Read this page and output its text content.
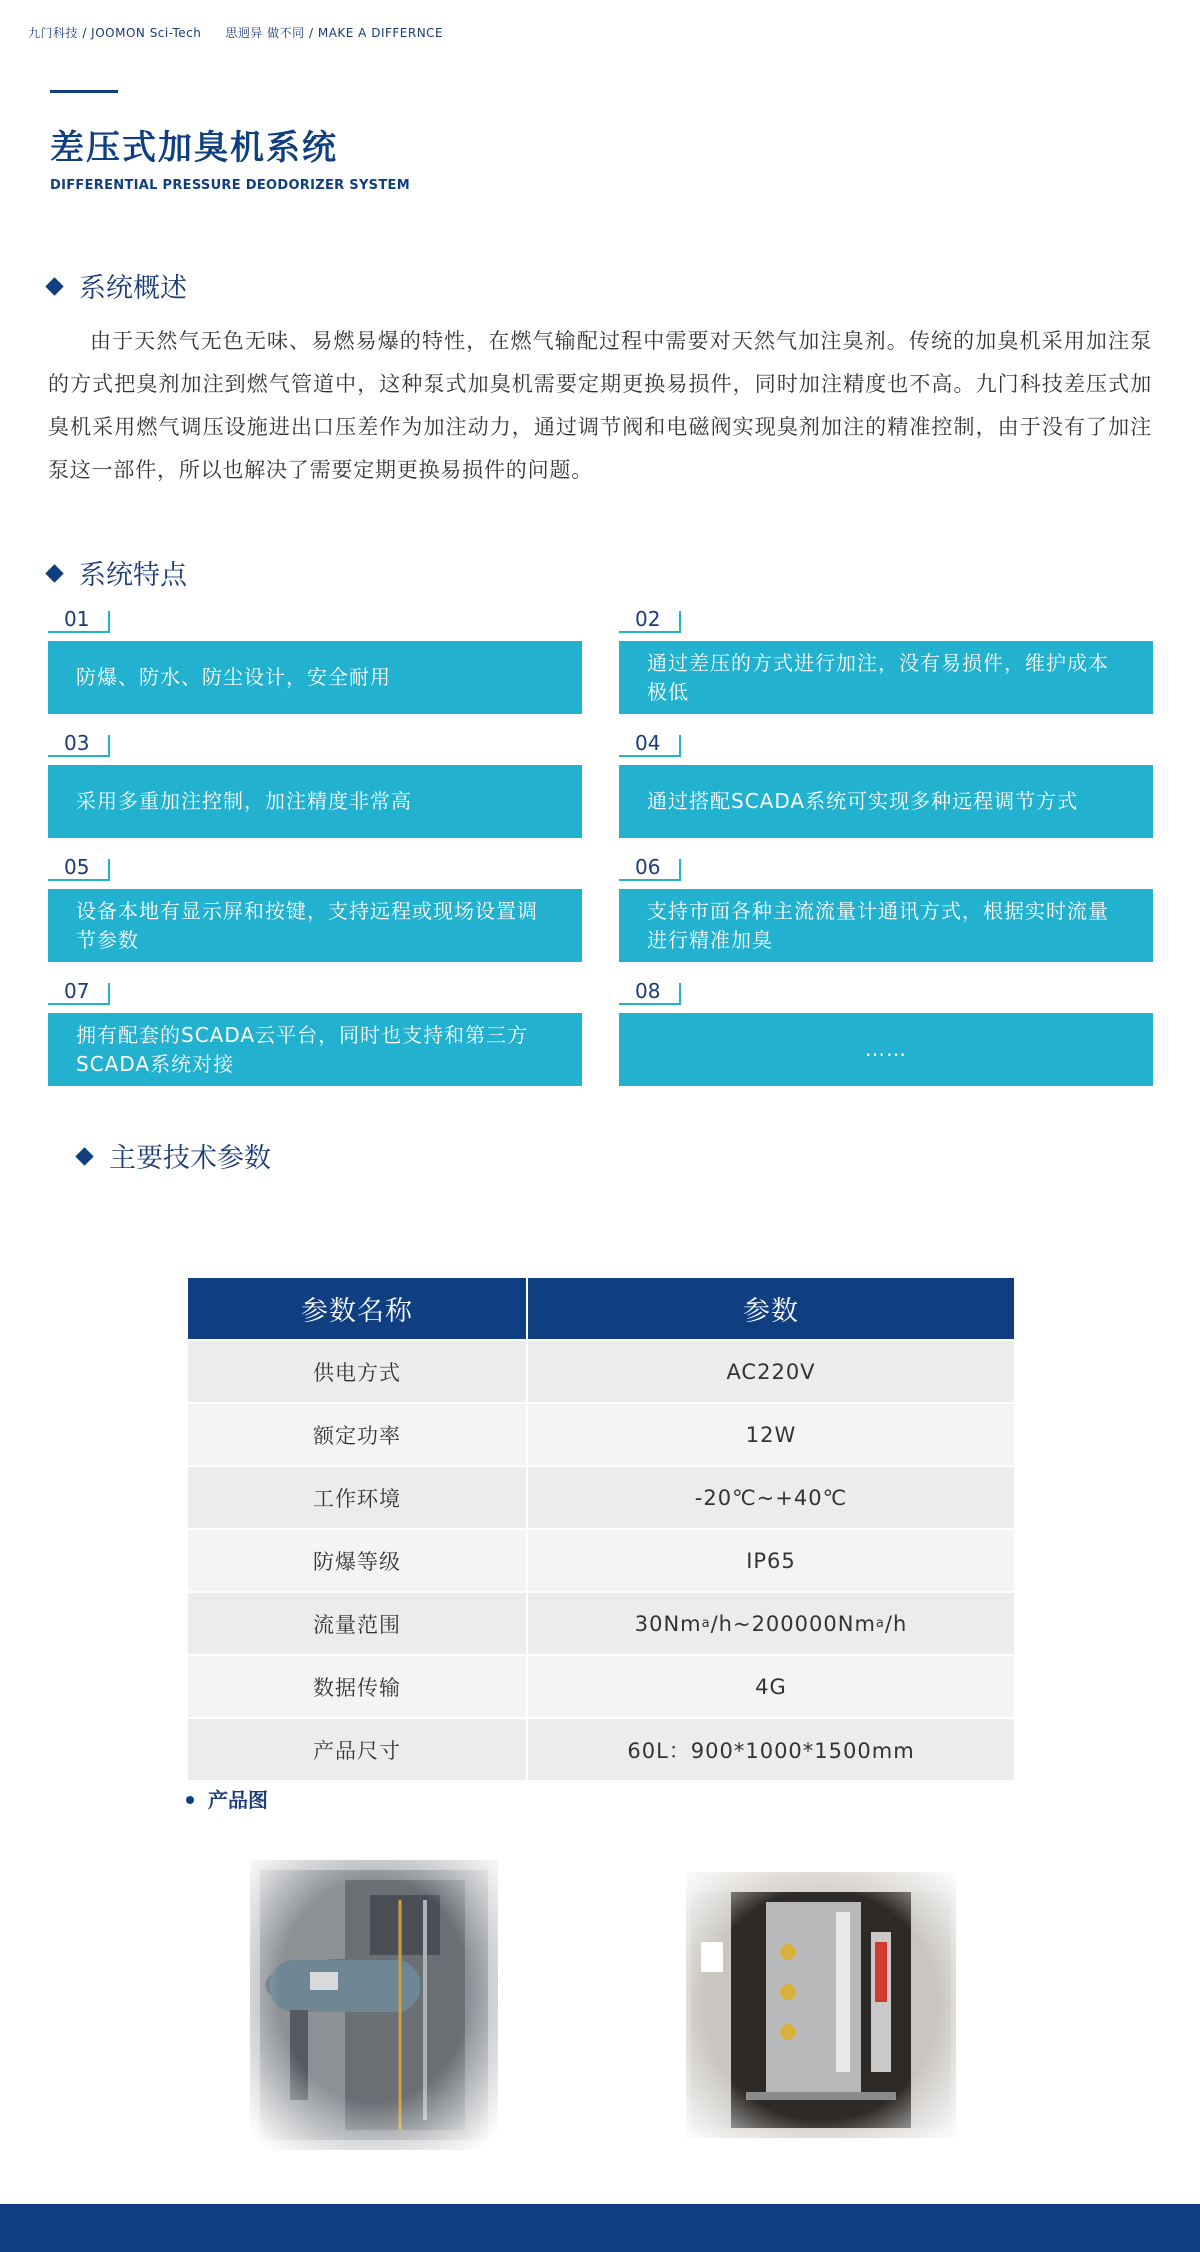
九门科技 / JOOMON Sci-Tech 思迥异 做不同 / MAKE A DIFFERNCE
差压式加臭机系统
DIFFERENTIAL PRESSURE DEODORIZER SYSTEM
系统概述
由于天然气无色无味、易燃易爆的特性，在燃气输配过程中需要对天然气加注臭剂。传统的加臭机采用加注泵的方式把臭剂加注到燃气管道中，这种泵式加臭机需要定期更换易损件，同时加注精度也不高。九门科技差压式加臭机采用燃气调压设施进出口压差作为加注动力，通过调节阀和电磁阀实现臭剂加注的精准控制，由于没有了加注泵这一部件，所以也解决了需要定期更换易损件的问题。
系统特点
01
防爆、防水、防尘设计，安全耐用
02
通过差压的方式进行加注，没有易损件，维护成本极低
03
采用多重加注控制，加注精度非常高
04
通过搭配SCADA系统可实现多种远程调节方式
05
设备本地有显示屏和按键，支持远程或现场设置调节参数
06
支持市面各种主流流量计通讯方式，根据实时流量进行精准加臭
07
拥有配套的SCADA云平台，同时也支持和第三方SCADA系统对接
08
……
主要技术参数
参数名称	参数
供电方式	AC220V
额定功率	12W
工作环境	-20℃~+40℃
防爆等级	IP65
流量范围	30Nm a /h~200000Nm a /h
数据传输	4G
产品尺寸	60L：900*1000*1500mm
产品图
